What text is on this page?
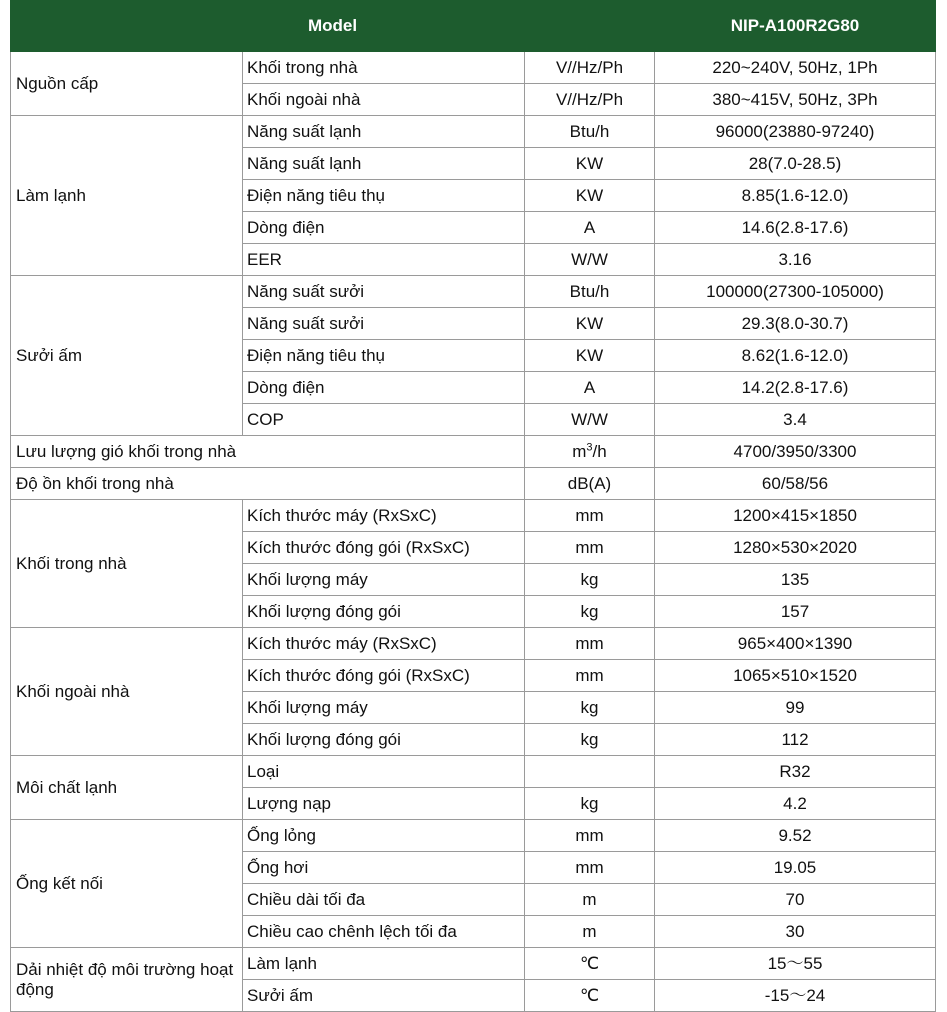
Model			NIP-A100R2G80
Nguồn cấp	Khối trong nhà	V//Hz/Ph	220~240V, 50Hz, 1Ph
	Khối ngoài nhà	V//Hz/Ph	380~415V, 50Hz, 3Ph
Làm lạnh	Năng suất lạnh	Btu/h	96000(23880-97240)
	Năng suất lạnh	KW	28(7.0-28.5)
	Điện năng tiêu thụ	KW	8.85(1.6-12.0)
	Dòng điện	A	14.6(2.8-17.6)
	EER	W/W	3.16
Sưởi ấm	Năng suất sưởi	Btu/h	100000(27300-105000)
	Năng suất sưởi	KW	29.3(8.0-30.7)
	Điện năng tiêu thụ	KW	8.62(1.6-12.0)
	Dòng điện	A	14.2(2.8-17.6)
	COP	W/W	3.4
Lưu lượng gió khối trong nhà		$m^3/h$	4700/3950/3300
Độ ồn khối trong nhà		dB(A)	60/58/56
Khối trong nhà	Kích thước máy (RxSxC)	mm	1200×415×1850
	Kích thước đóng gói (RxSxC)	mm	1280×530×2020
	Khối lượng máy	kg	135
	Khối lượng đóng gói	kg	157
Khối ngoài nhà	Kích thước máy (RxSxC)	mm	965×400×1390
	Kích thước đóng gói (RxSxC)	mm	1065×510×1520
	Khối lượng máy	kg	99
	Khối lượng đóng gói	kg	112
Môi chất lạnh	Loại		R32
	Lượng nạp	kg	4.2
Ống kết nối	Ống lỏng	mm	9.52
	Ống hơi	mm	19.05
	Chiều dài tối đa	m	70
	Chiều cao chênh lệch tối đa	m	30
Dải nhiệt độ môi trường hoạt động	Làm lạnh	℃	15～55
	Sưởi ấm	℃	-15～24
